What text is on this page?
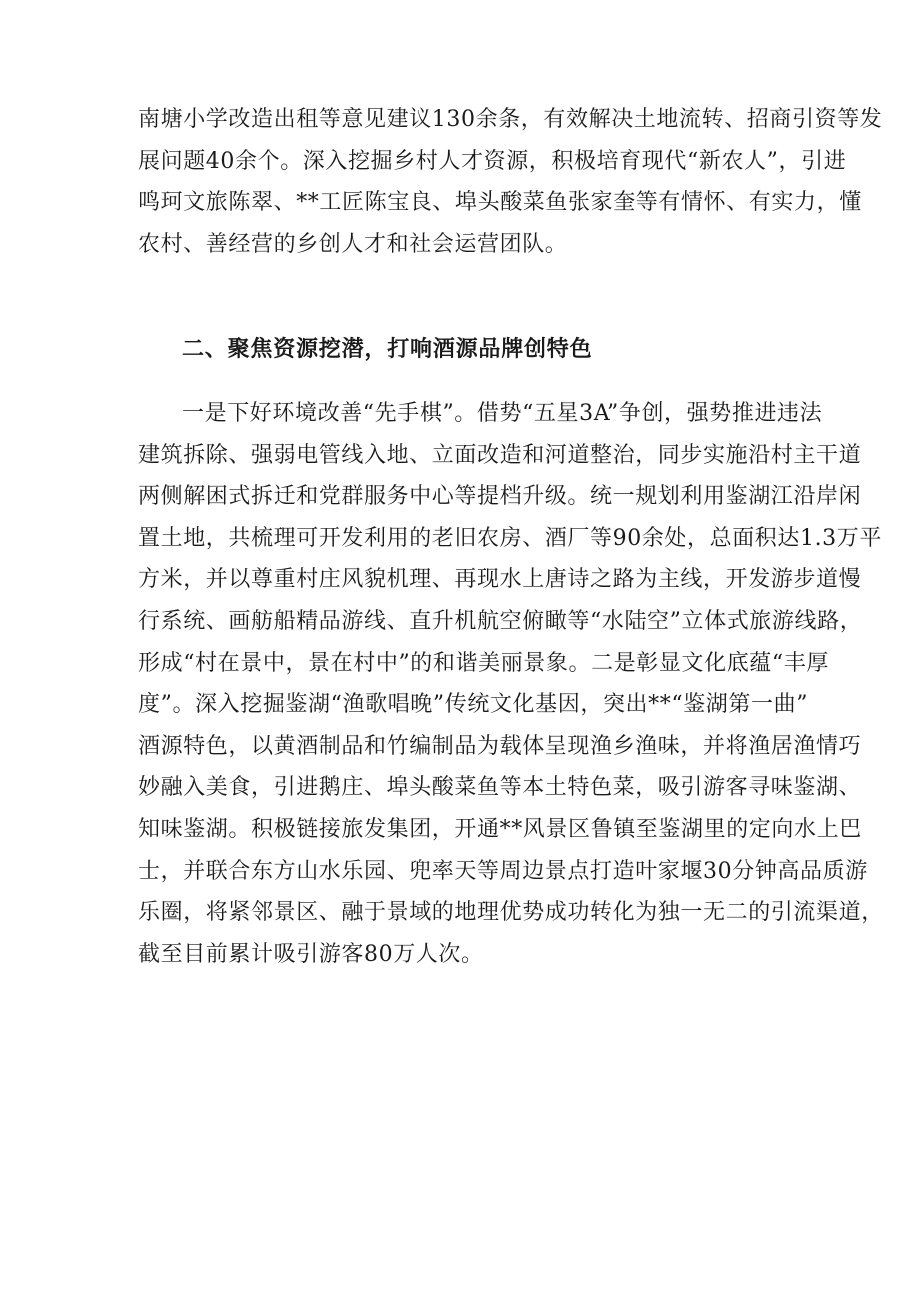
南塘小学改造出租等意见建议130余条，有效解决土地流转、招商引资等发
展问题40余个。深入挖掘乡村人才资源，积极培育现代“新农人”，引进
鸣珂文旅陈翠、**工匠陈宝良、埠头酸菜鱼张家奎等有情怀、有实力，懂
农村、善经营的乡创人才和社会运营团队。

二、聚焦资源挖潜，打响酒源品牌创特色

一是下好环境改善“先手棋”。借势“五星3A”争创，强势推进违法
建筑拆除、强弱电管线入地、立面改造和河道整治，同步实施沿村主干道
两侧解困式拆迁和党群服务中心等提档升级。统一规划利用鉴湖江沿岸闲
置土地，共梳理可开发利用的老旧农房、酒厂等90余处，总面积达1.3万平
方米，并以尊重村庄风貌机理、再现水上唐诗之路为主线，开发游步道慢
行系统、画舫船精品游线、直升机航空俯瞰等“水陆空”立体式旅游线路，
形成“村在景中，景在村中”的和谐美丽景象。二是彰显文化底蕴“丰厚
度”。深入挖掘鉴湖“渔歌唱晚”传统文化基因，突出**“鉴湖第一曲”
酒源特色，以黄酒制品和竹编制品为载体呈现渔乡渔味，并将渔居渔情巧
妙融入美食，引进鹅庄、埠头酸菜鱼等本土特色菜，吸引游客寻味鉴湖、
知味鉴湖。积极链接旅发集团，开通**风景区鲁镇至鉴湖里的定向水上巴
士，并联合东方山水乐园、兜率天等周边景点打造叶家堰30分钟高品质游
乐圈，将紧邻景区、融于景域的地理优势成功转化为独一无二的引流渠道，
截至目前累计吸引游客80万人次。
